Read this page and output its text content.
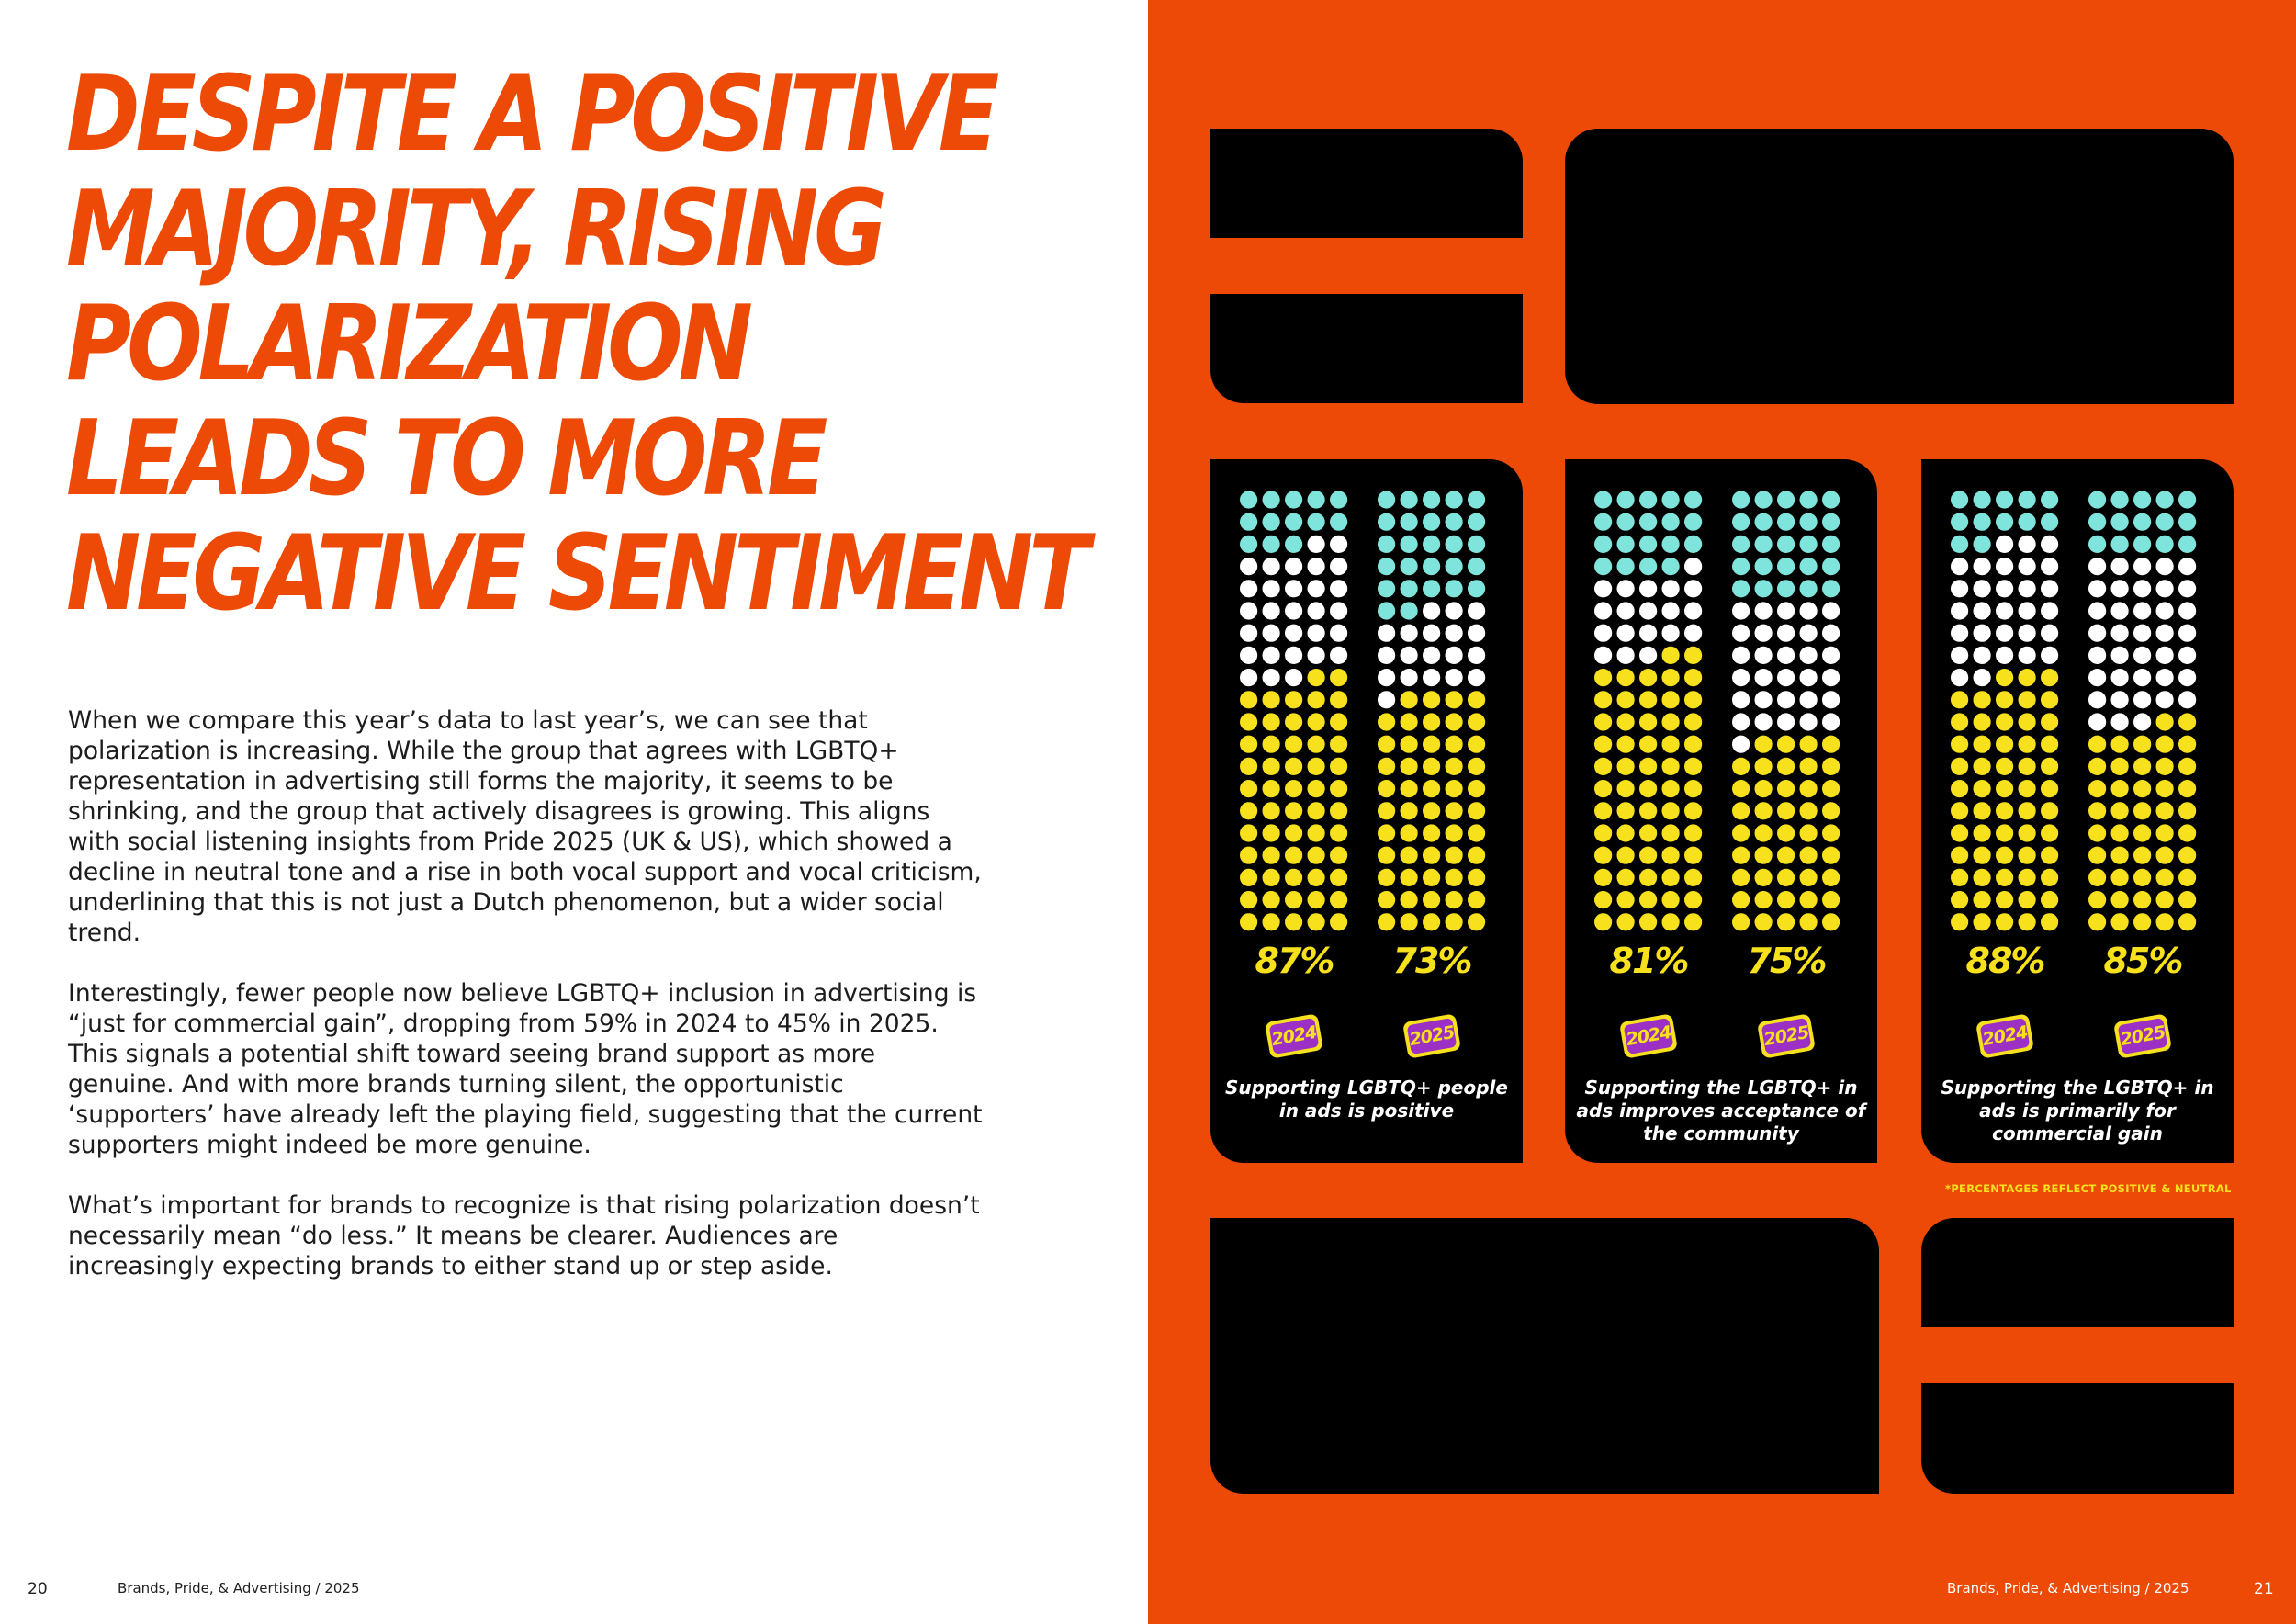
DESPITE A POSITIVE
MAJORITY, RISING
POLARIZATION
LEADS TO MORE
NEGATIVE SENTIMENT

When we compare this year’s data to last year’s, we can see that polarization is increasing. While the group that agrees with LGBTQ+ representation in advertising still forms the majority, it seems to be shrinking, and the group that actively disagrees is growing. This aligns with social listening insights from Pride 2025 (UK & US), which showed a decline in neutral tone and a rise in both vocal support and vocal criticism, underlining that this is not just a Dutch phenomenon, but a wider social trend.

Interestingly, fewer people now believe LGBTQ+ inclusion in advertising is “just for commercial gain”, dropping from 59% in 2024 to 45% in 2025. This signals a potential shift toward seeing brand support as more genuine. And with more brands turning silent, the opportunistic ‘supporters’ have already left the playing field, suggesting that the current supporters might indeed be more genuine.

What’s important for brands to recognize is that rising polarization doesn’t necessarily mean “do less.” It means be clearer. Audiences are increasingly expecting brands to either stand up or step aside.

20	Brands, Pride, & Advertising / 2025
87%	73%
2024	2025
Supporting LGBTQ+ people in ads is positive
81%	75%
2024	2025
Supporting the LGBTQ+ in ads improves acceptance of the community
88%	85%
2024	2025
Supporting the LGBTQ+ in ads is primarily for commercial gain
*PERCENTAGES REFLECT POSITIVE & NEUTRAL
Brands, Pride, & Advertising / 2025	21
